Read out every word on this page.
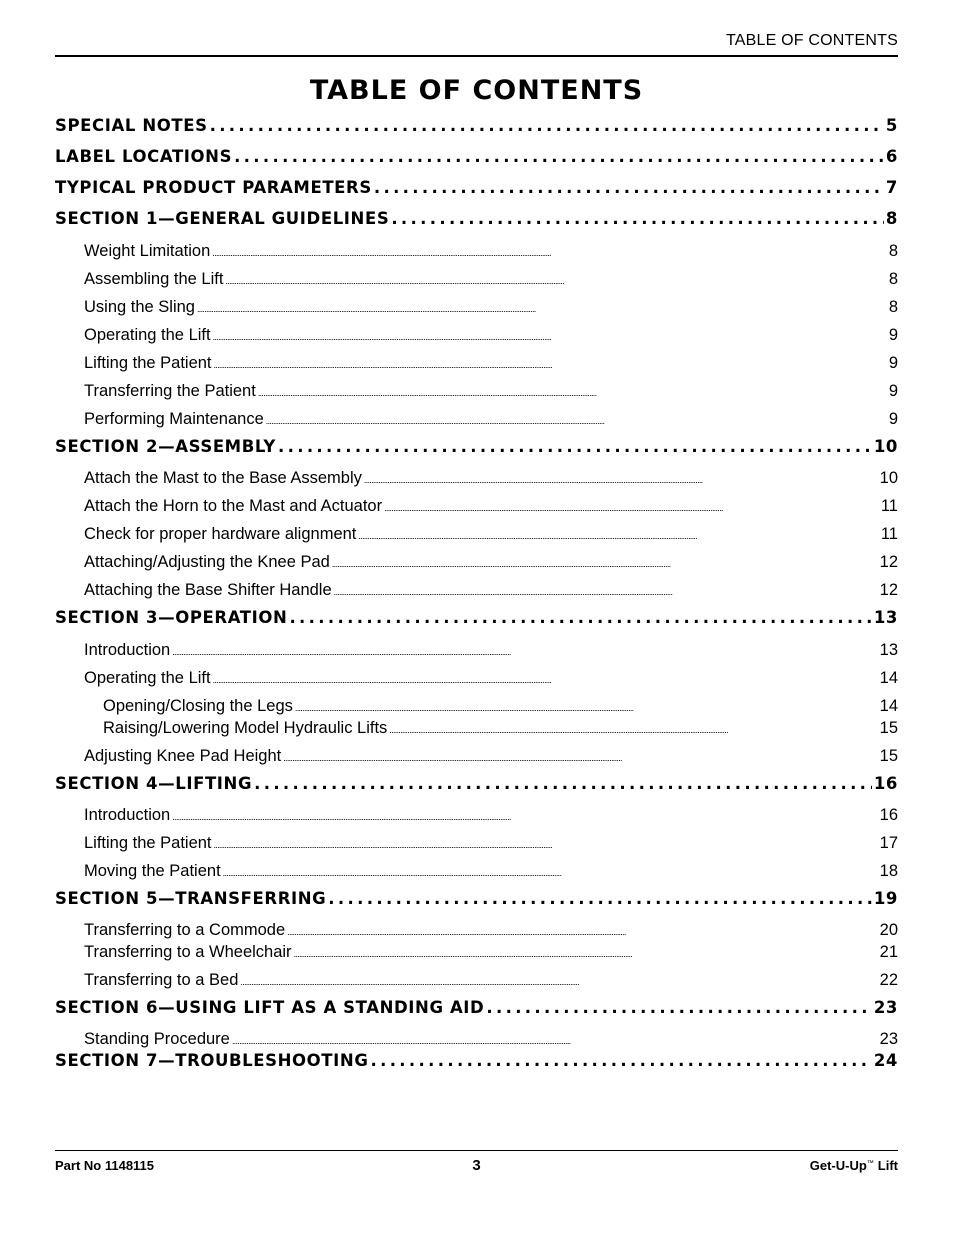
TABLE OF CONTENTS
TABLE OF CONTENTS
SPECIAL NOTES . . .	5
LABEL LOCATIONS . . .	6
TYPICAL PRODUCT PARAMETERS . . .	7
SECTION 1—GENERAL GUIDELINES . . .	8
Weight Limitation . . .	8
Assembling the Lift . . .	8
Using the Sling . . .	8
Operating the Lift . . .	9
Lifting the Patient . . .	9
Transferring the Patient . . .	9
Performing Maintenance . . .	9
SECTION 2—ASSEMBLY . . .	10
Attach the Mast to the Base Assembly . . .	10
Attach the Horn to the Mast and Actuator . . .	11
Check for proper hardware alignment . . .	11
Attaching/Adjusting the Knee Pad . . .	12
Attaching the Base Shifter Handle . . .	12
SECTION 3—OPERATION . . .	13
Introduction . . .	13
Operating the Lift . . .	14
Opening/Closing the Legs . . .	14
Raising/Lowering Model Hydraulic Lifts . . .	15
Adjusting Knee Pad Height . . .	15
SECTION 4—LIFTING . . .	16
Introduction . . .	16
Lifting the Patient . . .	17
Moving the Patient . . .	18
SECTION 5—TRANSFERRING . . .	19
Transferring to a Commode . . .	20
Transferring to a Wheelchair . . .	21
Transferring to a Bed . . .	22
SECTION 6—USING LIFT AS A STANDING AID . . .	23
Standing Procedure . . .	23
SECTION 7—TROUBLESHOOTING . . .	24
Part No 1148115	3	Get-U-Up™ Lift
